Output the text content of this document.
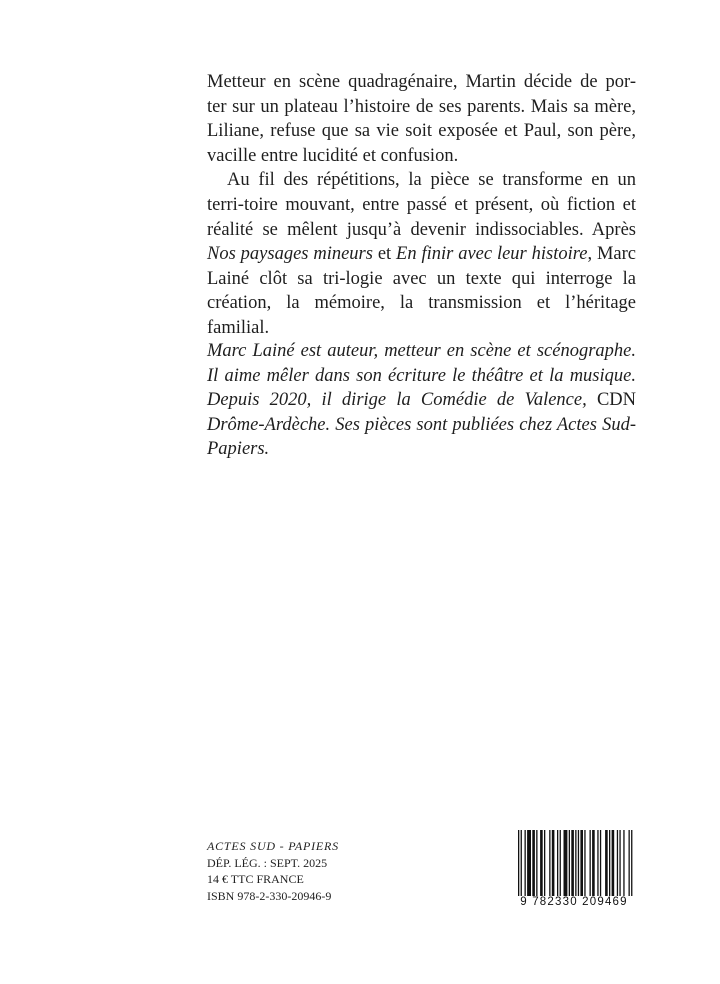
Metteur en scène quadragénaire, Martin décide de por- ter sur un plateau l’histoire de ses parents. Mais sa mère, Liliane, refuse que sa vie soit exposée et Paul, son père, vacille entre lucidité et confusion.

Au fil des répétitions, la pièce se transforme en un terri-toire mouvant, entre passé et présent, où fiction et réalité se mêlent jusqu’à devenir indissociables. Après Nos paysages mineurs et En finir avec leur histoire, Marc Lainé clôt sa tri-logie avec un texte qui interroge la création, la mémoire, la transmission et l’héritage familial.

Marc Lainé est auteur, metteur en scène et scénographe. Il aime mêler dans son écriture le théâtre et la musique. Depuis 2020, il dirige la Comédie de Valence, CDN Drôme-Ardèche. Ses pièces sont publiées chez Actes Sud-Papiers.

ACTES SUD - PAPIERS
DÉP. LÉG. : SEPT. 2025
14 € TTC FRANCE
ISBN 978-2-330-20946-9	9 782330 209469
